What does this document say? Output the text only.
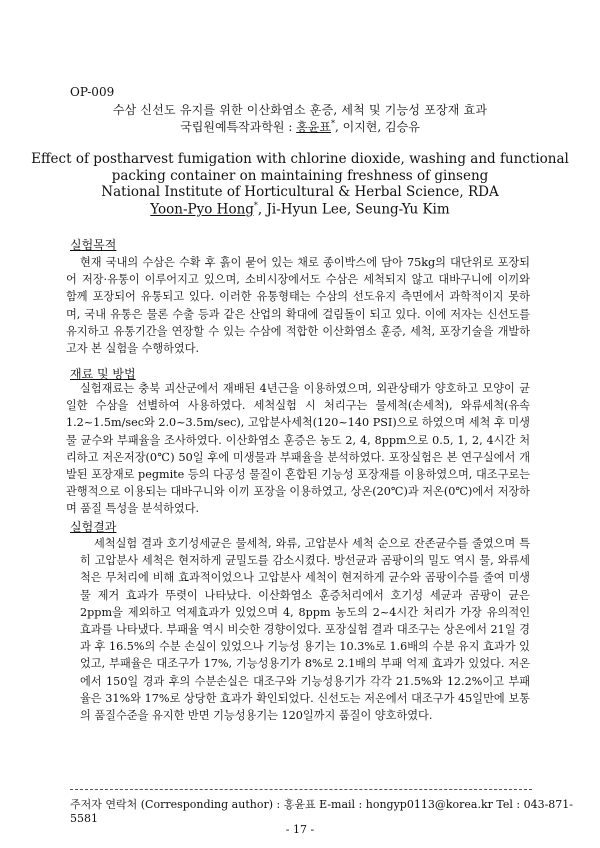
OP-009
수삼 신선도 유지를 위한 이산화염소 훈증, 세척 및 기능성 포장재 효과
국립원예특작과학원 : 홍윤표*, 이지현, 김승유
Effect of postharvest fumigation with chlorine dioxide, washing and functional
packing container on maintaining freshness of ginseng
National Institute of Horticultural & Herbal Science, RDA
Yoon-Pyo Hong*, Ji-Hyun Lee, Seung-Yu Kim
실험목적
현재 국내의 수삼은 수확 후 흙이 묻어 있는 채로 종이박스에 담아 75kg의 대단위로 포장되어 저장·유통이 이루어지고 있으며, 소비시장에서도 수삼은 세척되지 않고 대바구니에 이끼와 함께 포장되어 유통되고 있다. 이러한 유통형태는 수삼의 선도유지 측면에서 과학적이지 못하며, 국내 유통은 물론 수출 등과 같은 산업의 확대에 걸림돌이 되고 있다. 이에 저자는 신선도를 유지하고 유통기간을 연장할 수 있는 수삼에 적합한 이산화염소 훈증, 세척, 포장기술을 개발하고자 본 실험을 수행하였다.
재료 및 방법
실험재료는 충북 괴산군에서 재배된 4년근을 이용하였으며, 외관상태가 양호하고 모양이 균일한 수삼을 선별하여 사용하였다. 세척실험 시 처리구는 물세척(손세척), 와류세척(유속 1.2~1.5m/sec와 2.0~3.5m/sec), 고압분사세척(120~140 PSI)으로 하였으며 세척 후 미생물 균수와 부패율을 조사하였다. 이산화염소 훈증은 농도 2, 4, 8ppm으로 0.5, 1, 2, 4시간 처리하고 저온저장(0℃) 50일 후에 미생물과 부패율을 분석하였다. 포장실험은 본 연구실에서 개발된 포장재로 pegmite 등의 다공성 물질이 혼합된 기능성 포장재를 이용하였으며, 대조구로는 관행적으로 이용되는 대바구니와 이끼 포장을 이용하였고, 상온(20℃)과 저온(0℃)에서 저장하며 품질 특성을 분석하였다.
실험결과
세척실험 결과 호기성세균은 물세척, 와류, 고압분사 세척 순으로 잔존균수를 줄였으며 특히 고압분사 세척은 현저하게 균밀도를 감소시켰다. 방선균과 곰팡이의 밀도 역시 물, 와류세척은 무처리에 비해 효과적이었으나 고압분사 세척이 현저하게 균수와 곰팡이수를 줄여 미생물 제거 효과가 뚜렷이 나타났다. 이산화염소 훈증처리에서 호기성 세균과 곰팡이 균은 2ppm을 제외하고 억제효과가 있었으며 4, 8ppm 농도의 2~4시간 처리가 가장 유의적인 효과를 나타냈다. 부패율 역시 비슷한 경향이었다. 포장실험 결과 대조구는 상온에서 21일 경과 후 16.5%의 수분 손실이 있었으나 기능성 용기는 10.3%로 1.6배의 수분 유지 효과가 있었고, 부패율은 대조구가 17%, 기능성용기가 8%로 2.1배의 부패 억제 효과가 있었다. 저온에서 150일 경과 후의 수분손실은 대조구와 기능성용기가 각각 21.5%와 12.2%이고 부패율은 31%와 17%로 상당한 효과가 확인되었다. 신선도는 저온에서 대조구가 45일만에 보통의 품질수준을 유지한 반면 기능성용기는 120일까지 품질이 양호하였다.
주저자 연락처 (Corresponding author) : 홍윤표 E-mail : hongyp0113@korea.kr Tel : 043-871-5581
- 17 -
